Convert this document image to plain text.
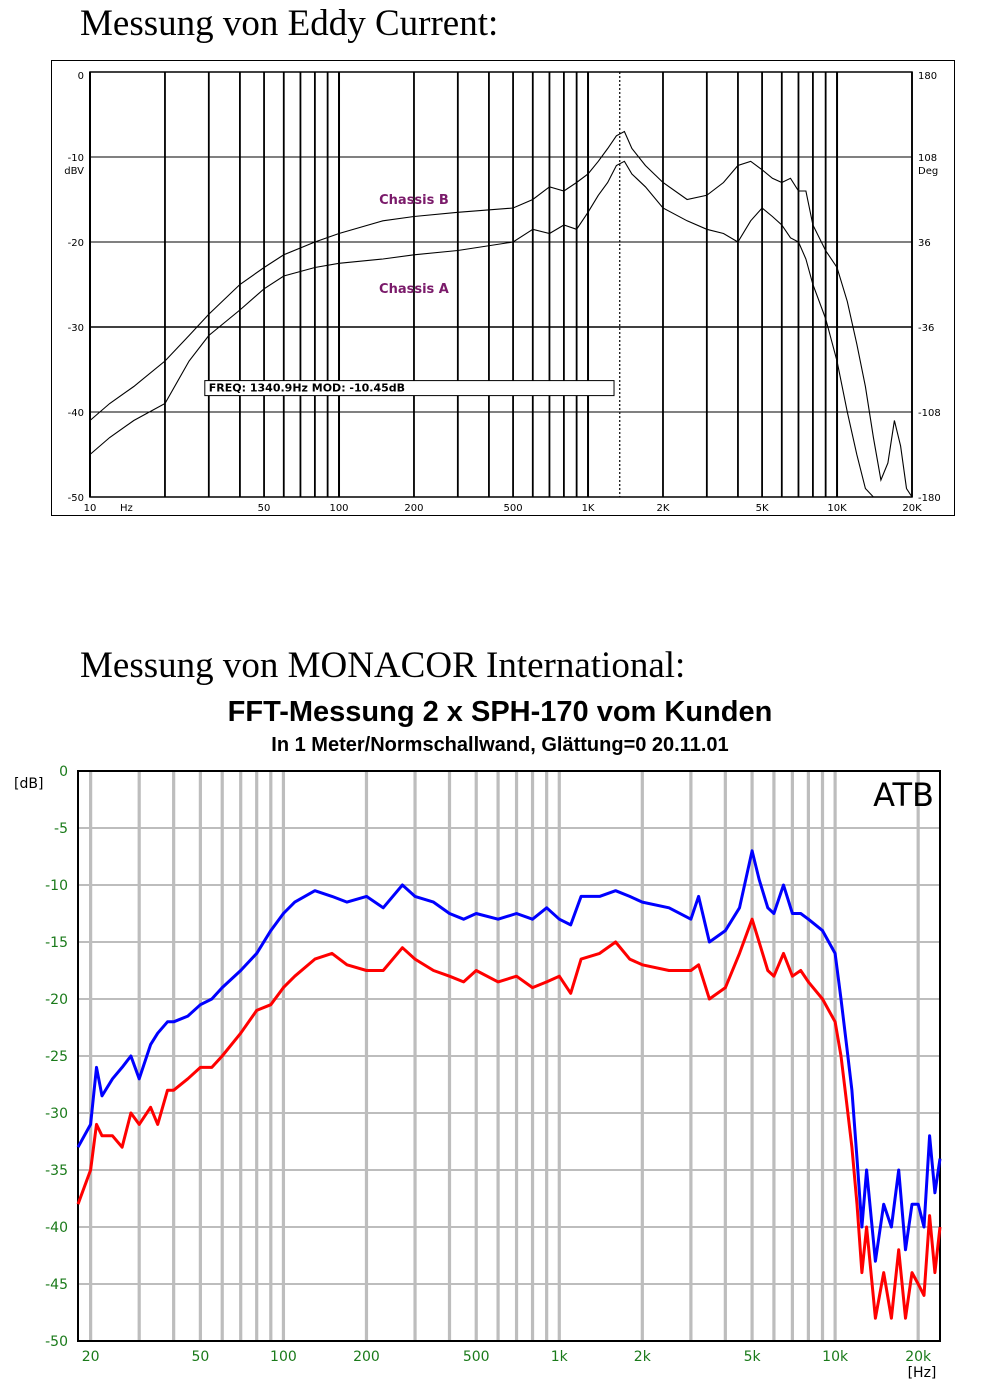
Messung von Eddy Current:
0	180
-10	108
-20	36
-30	-36
-40	-108
-50	-180
dBV	Deg
10	50	100	200	500	1K	2K	5K	10K	20K
Hz
FREQ: 1340.9Hz MOD: -10.45dB
Chassis B
Chassis A
Messung von MONACOR International:
FFT-Messung 2 x SPH-170 vom Kunden
In 1 Meter/Normschallwand, Glättung=0 20.11.01
0
-5
-10
-15
-20
-25
-30
-35
-40
-45
-50
[dB]
20	50	100	200	500	1k	2k	5k	10k	20k
[Hz]
ATB
